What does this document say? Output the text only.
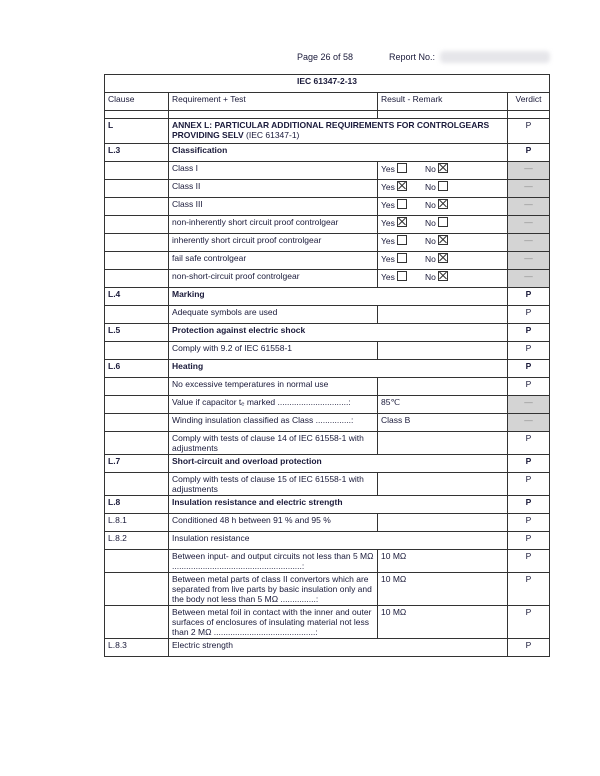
Page 26 of 58	Report No.:
IEC 61347-2-13			
Clause	Requirement + Test	Result - Remark	Verdict

L	ANNEX L: PARTICULAR ADDITIONAL REQUIREMENTS FOR CONTROLGEARS PROVIDING SELV (IEC 61347-1)		P
L.3	Classification		P
	Class I	Yes No	—
	Class II	Yes No	—
	Class III	Yes No	—
	non-inherently short circuit proof controlgear	Yes No	—
	inherently short circuit proof controlgear	Yes No	—
	fail safe controlgear	Yes No	—
	non-short-circuit proof controlgear	Yes No	—
L.4	Marking		P
	Adequate symbols are used		P
L.5	Protection against electric shock		P
	Comply with 9.2 of IEC 61558-1		P
L.6	Heating		P
	No excessive temperatures in normal use		P
	Value if capacitor tₑ marked ..............................:	85℃	—
	Winding insulation classified as Class ...............:	Class B	—
	Comply with tests of clause 14 of IEC 61558-1 with adjustments		P
L.7	Short-circuit and overload protection		P
	Comply with tests of clause 15 of IEC 61558-1 with adjustments		P
L.8	Insulation resistance and electric strength		P
L.8.1	Conditioned 48 h between 91 % and 95 %		P
L.8.2	Insulation resistance		P
	Between input- and output circuits not less than 5 MΩ .......................................................:	10 MΩ	P
	Between metal parts of class II convertors which are separated from live parts by basic insulation only and the body not less than 5 MΩ ...............:	10 MΩ	P
	Between metal foil in contact with the inner and outer surfaces of enclosures of insulating material not less than 2 MΩ ...........................................:	10 MΩ	P
L.8.3	Electric strength		P
